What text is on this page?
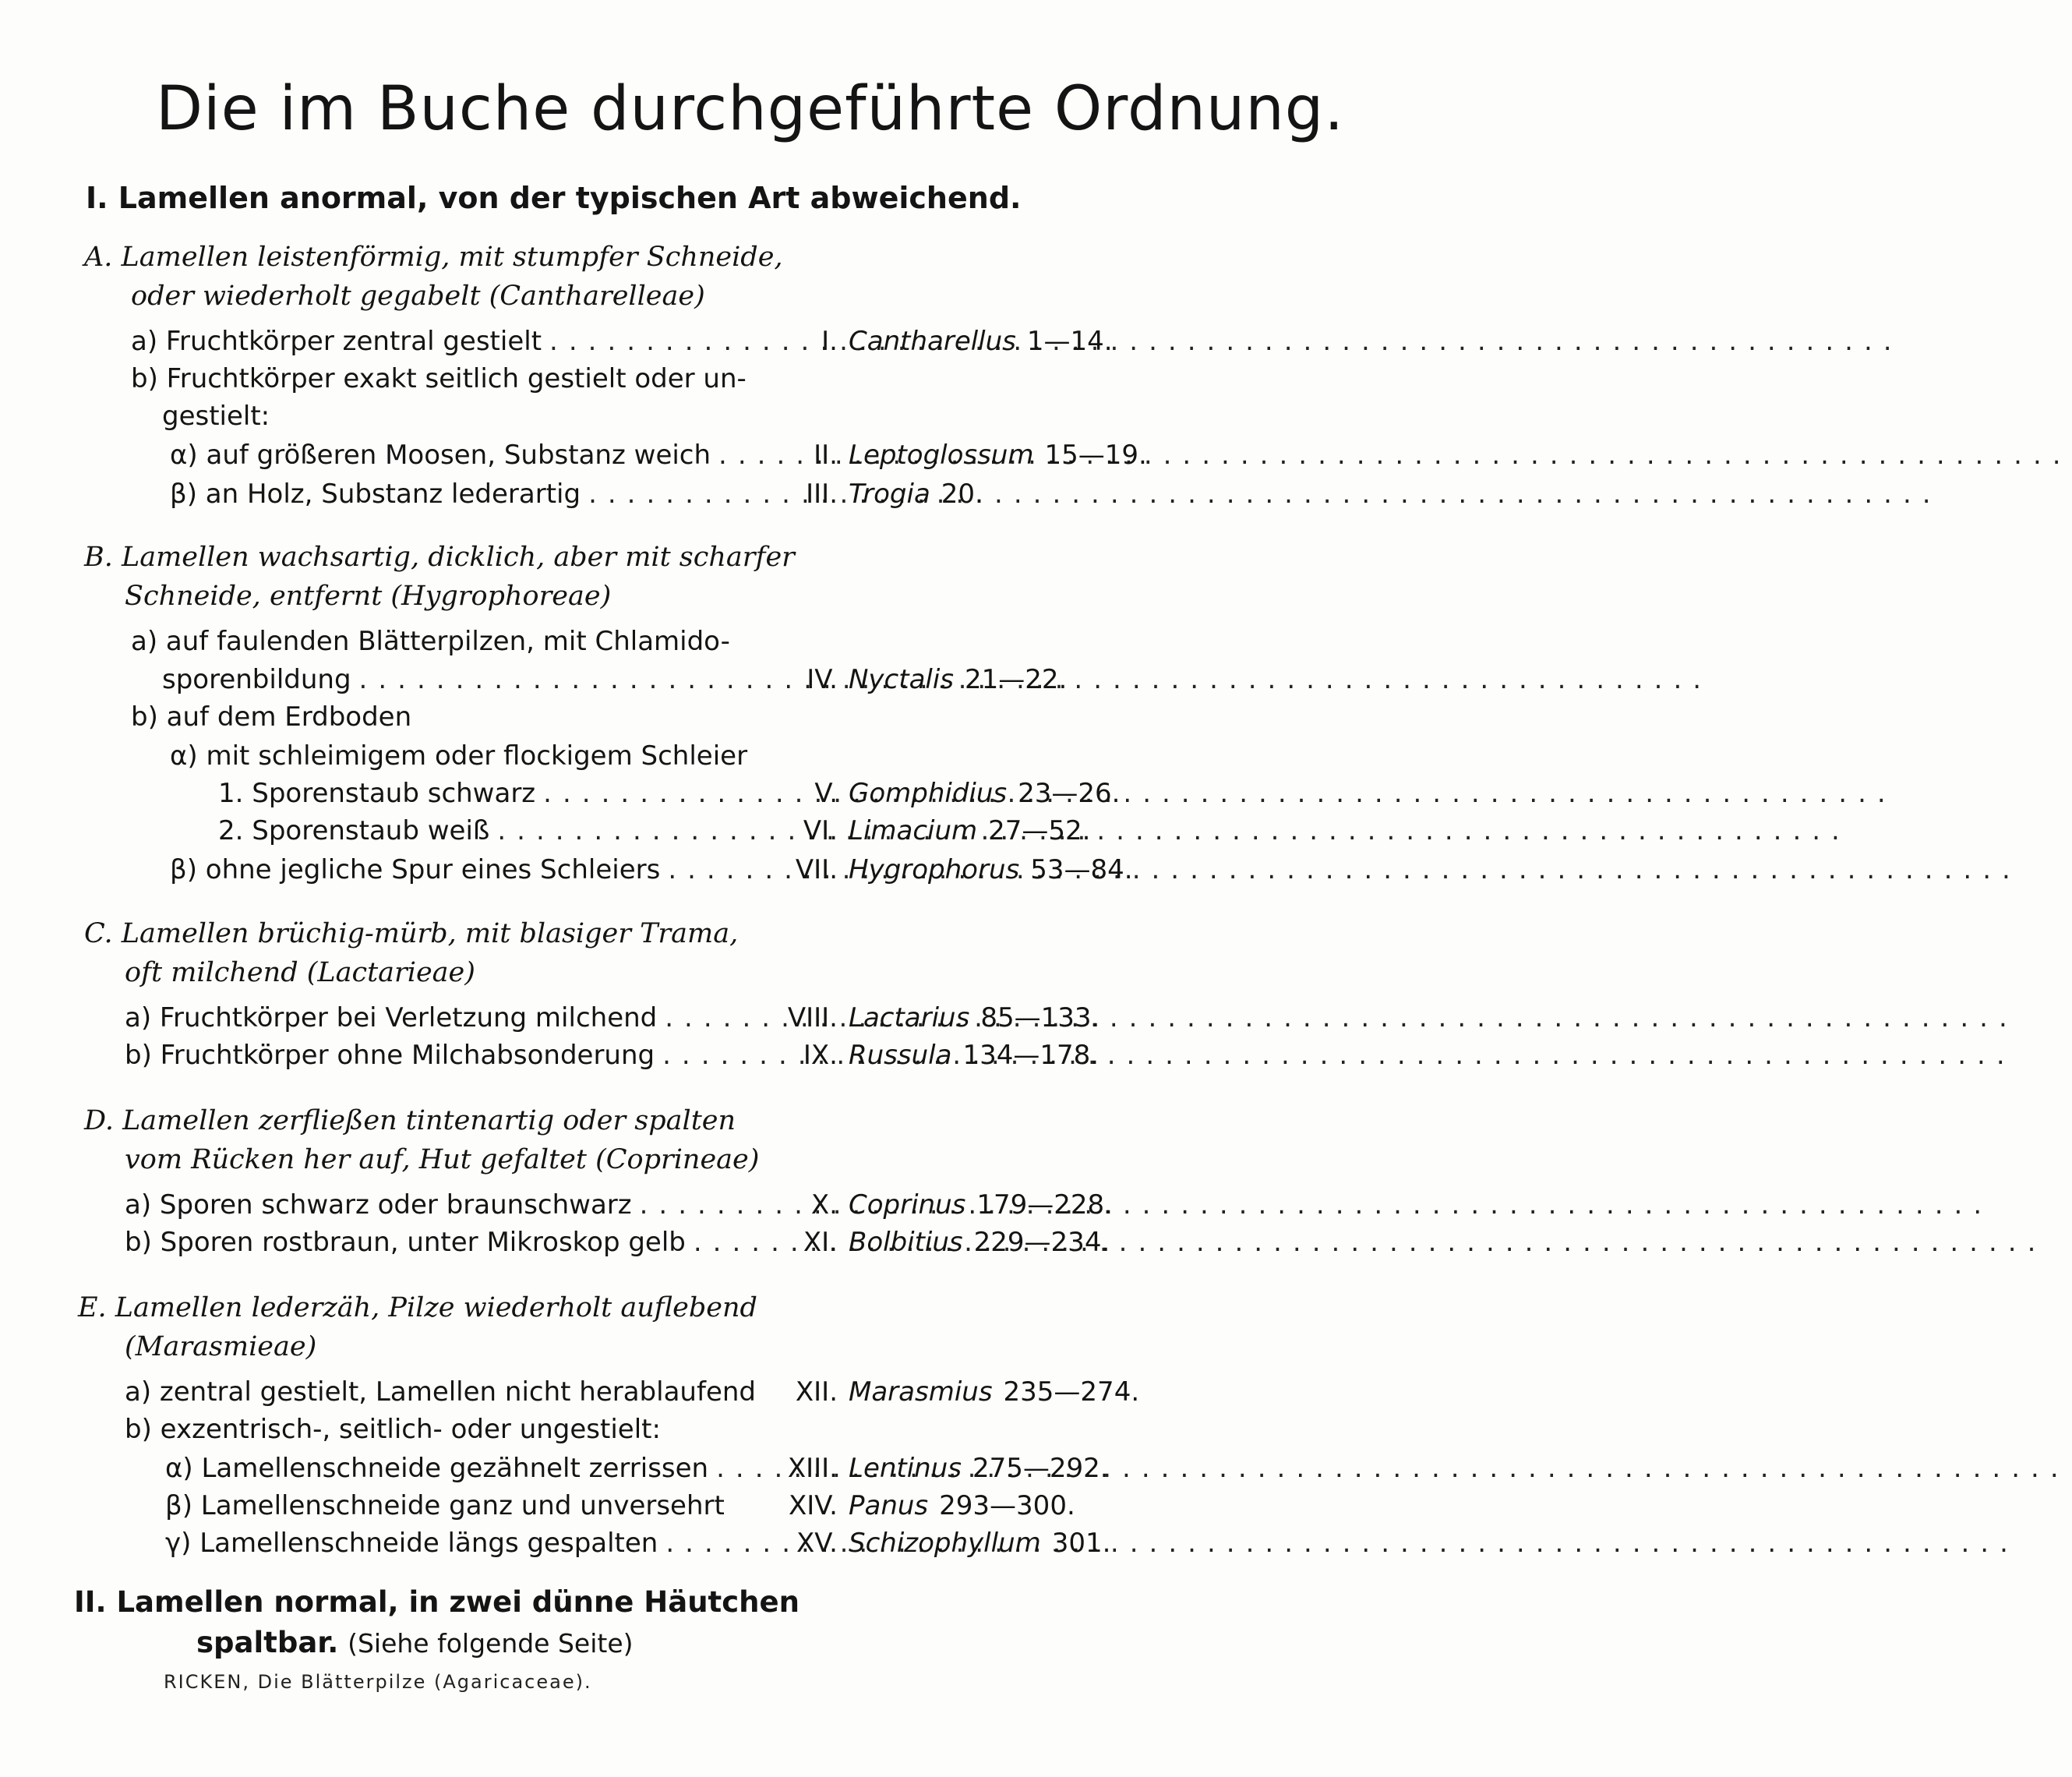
Die im Buche durchgeführte Ordnung.
I. Lamellen anormal, von der typischen Art abweichend.
A. Lamellen leistenförmig, mit stumpfer Schneide,
oder wiederholt gegabelt (Cantharelleae)
a) Fruchtkörper zentral gestielt
.....
b) Fruchtkörper exakt seitlich gestielt oder un-
gestielt:
α) auf größeren Moosen, Substanz weich
.....
β) an Holz, Substanz lederartig
.....
I. Cantharellus 1—14.
II. Leptoglossum 15—19.
III. Trogia 20.
B. Lamellen wachsartig, dicklich, aber mit scharfer
Schneide, entfernt (Hygrophoreae)
a) auf faulenden Blätterpilzen, mit Chlamido-
sporenbildung
.....
b) auf dem Erdboden
α) mit schleimigem oder flockigem Schleier
1. Sporenstaub schwarz
.....
2. Sporenstaub weiß
.....
β) ohne jegliche Spur eines Schleiers
.....
IV. Nyctalis 21—22.
V. Gomphidius 23—26.
VI. Limacium 27—52.
VII. Hygrophorus 53—84.
C. Lamellen brüchig-mürb, mit blasiger Trama,
oft milchend (Lactarieae)
a) Fruchtkörper bei Verletzung milchend
.....
b) Fruchtkörper ohne Milchabsonderung
.....
VIII. Lactarius 85—133.
IX. Russula 134—178.
D. Lamellen zerfließen tintenartig oder spalten
vom Rücken her auf, Hut gefaltet (Coprineae)
a) Sporen schwarz oder braunschwarz
.....
b) Sporen rostbraun, unter Mikroskop gelb
.....
X. Coprinus 179—228.
XI. Bolbitius 229—234.
E. Lamellen lederzäh, Pilze wiederholt auflebend
(Marasmieae)
a) zentral gestielt, Lamellen nicht herablaufend
b) exzentrisch-, seitlich- oder ungestielt:
α) Lamellenschneide gezähnelt zerrissen
.....
β) Lamellenschneide ganz und unversehrt
γ) Lamellenschneide längs gespalten
.....
XII. Marasmius 235—274.
XIII. Lentinus 275—292.
XIV. Panus 293—300.
XV. Schizophyllum 301.
II. Lamellen normal, in zwei dünne Häutchen
spaltbar. (Siehe folgende Seite)
RICKEN, Die Blätterpilze (Agaricaceae).
